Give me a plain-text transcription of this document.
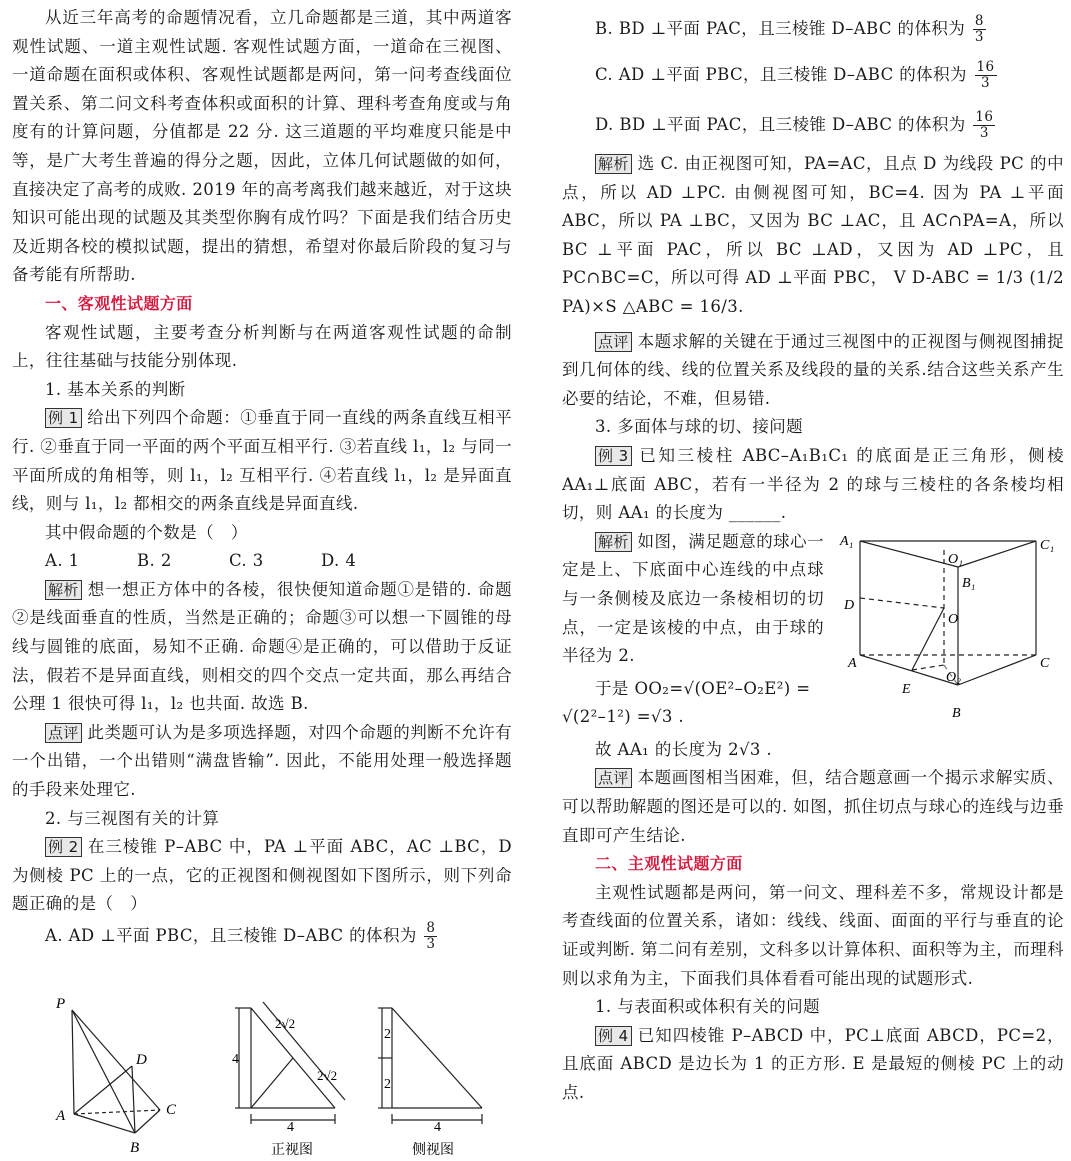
从近三年高考的命题情况看，立几命题都是三道，其中两道客观性试题、一道主观性试题. 客观性试题方面，一道命在三视图、一道命题在面积或体积、客观性试题都是两问，第一问考查线面位置关系、第二问文科考查体积或面积的计算、理科考查角度或与角度有的计算问题，分值都是 22 分. 这三道题的平均难度只能是中等，是广大考生普遍的得分之题，因此，立体几何试题做的如何，直接决定了高考的成败. 2019 年的高考离我们越来越近，对于这块知识可能出现的试题及其类型你胸有成竹吗？下面是我们结合历史及近期各校的模拟试题，提出的猜想，希望对你最后阶段的复习与备考能有所帮助.

一、客观性试题方面

客观性试题，主要考查分析判断与在两道客观性试题的命制上，往往基础与技能分别体现.

1. 基本关系的判断

例 1 给出下列四个命题：①垂直于同一直线的两条直线互相平行. ②垂直于同一平面的两个平面互相平行. ③若直线 l₁，l₂ 与同一平面所成的角相等，则 l₁，l₂ 互相平行. ④若直线 l₁，l₂ 是异面直线，则与 l₁，l₂ 都相交的两条直线是异面直线.

其中假命题的个数是（　）

A. 1	B. 2	C. 3	D. 4

解析 想一想正方体中的各棱，很快便知道命题①是错的. 命题②是线面垂直的性质，当然是正确的；命题③可以想一下圆锥的母线与圆锥的底面，易知不正确. 命题④是正确的，可以借助于反证法，假若不是异面直线，则相交的四个交点一定共面，那么再结合公理 1 很快可得 l₁，l₂ 也共面. 故选 B.

点评 此类题可认为是多项选择题，对四个命题的判断不允许有一个出错，一个出错则“满盘皆输”. 因此，不能用处理一般选择题的手段来处理它.

2. 与三视图有关的计算

例 2 在三棱锥 P–ABC 中，PA ⊥平面 ABC，AC ⊥BC，D 为侧棱 PC 上的一点，它的正视图和侧视图如下图所示，则下列命题正确的是（　）

A. AD ⊥平面 PBC，且三棱锥 D–ABC 的体积为 $\frac{8}{3}$

P
A
B
C
D	4
4
2√2
2√2
正视图
2
2
4
侧视图

B. BD ⊥平面 PAC，且三棱锥 D–ABC 的体积为 $\frac{8}{3}$

C. AD ⊥平面 PBC，且三棱锥 D–ABC 的体积为 $\frac{16}{3}$

D. BD ⊥平面 PAC，且三棱锥 D–ABC 的体积为 $\frac{16}{3}$

解析 选 C. 由正视图可知，PA=AC，且点 D 为线段 PC 的中点，所以 AD ⊥PC. 由侧视图可知，BC=4. 因为 PA ⊥平面 ABC，所以 PA ⊥BC，又因为 BC ⊥AC，且 AC∩PA=A，所以 BC ⊥平面 PAC，所以 BC ⊥AD，又因为 AD ⊥PC，且 PC∩BC=C，所以可得 AD ⊥平面 PBC， V D-ABC = 1/3 (1/2 PA)×S △ABC = 16/3.

点评 本题求解的关键在于通过三视图中的正视图与侧视图捕捉到几何体的线、线的位置关系及线段的量的关系.结合这些关系产生必要的结论，不难，但易错.

3. 多面体与球的切、接问题

例 3 已知三棱柱 ABC–A₁B₁C₁ 的底面是正三角形，侧棱 AA₁⊥底面 ABC，若有一半径为 2 的球与三棱柱的各条棱均相切，则 AA₁ 的长度为 ______.

解析 如图，满足题意的球心一定是上、下底面中心连线的中点球与一条侧棱及底边一条棱相切的切点，一定是该棱的中点，由于球的半径为 2.

于是 OO₂=√(OE²–O₂E²) =

√(2²–1²) =√3 .

故 AA₁ 的长度为 2√3 .

点评 本题画图相当困难，但，结合题意画一个揭示求解实质、可以帮助解题的图还是可以的. 如图，抓住切点与球心的连线与边垂直即可产生结论.

二、主观性试题方面

主观性试题都是两问，第一问文、理科差不多，常规设计都是考查线面的位置关系，诸如：线线、线面、面面的平行与垂直的论证或判断. 第二问有差别，文科多以计算体积、面积等为主，而理科则以求角为主，下面我们具体看看可能出现的试题形式.

1. 与表面积或体积有关的问题

例 4 已知四棱锥 P–ABCD 中，PC⊥底面 ABCD，PC=2，且底面 ABCD 是边长为 1 的正方形. E 是最短的侧棱 PC 上的动点.

A₁	C₁
O₁
B₁
D
O
A	C
O₂
E
B
